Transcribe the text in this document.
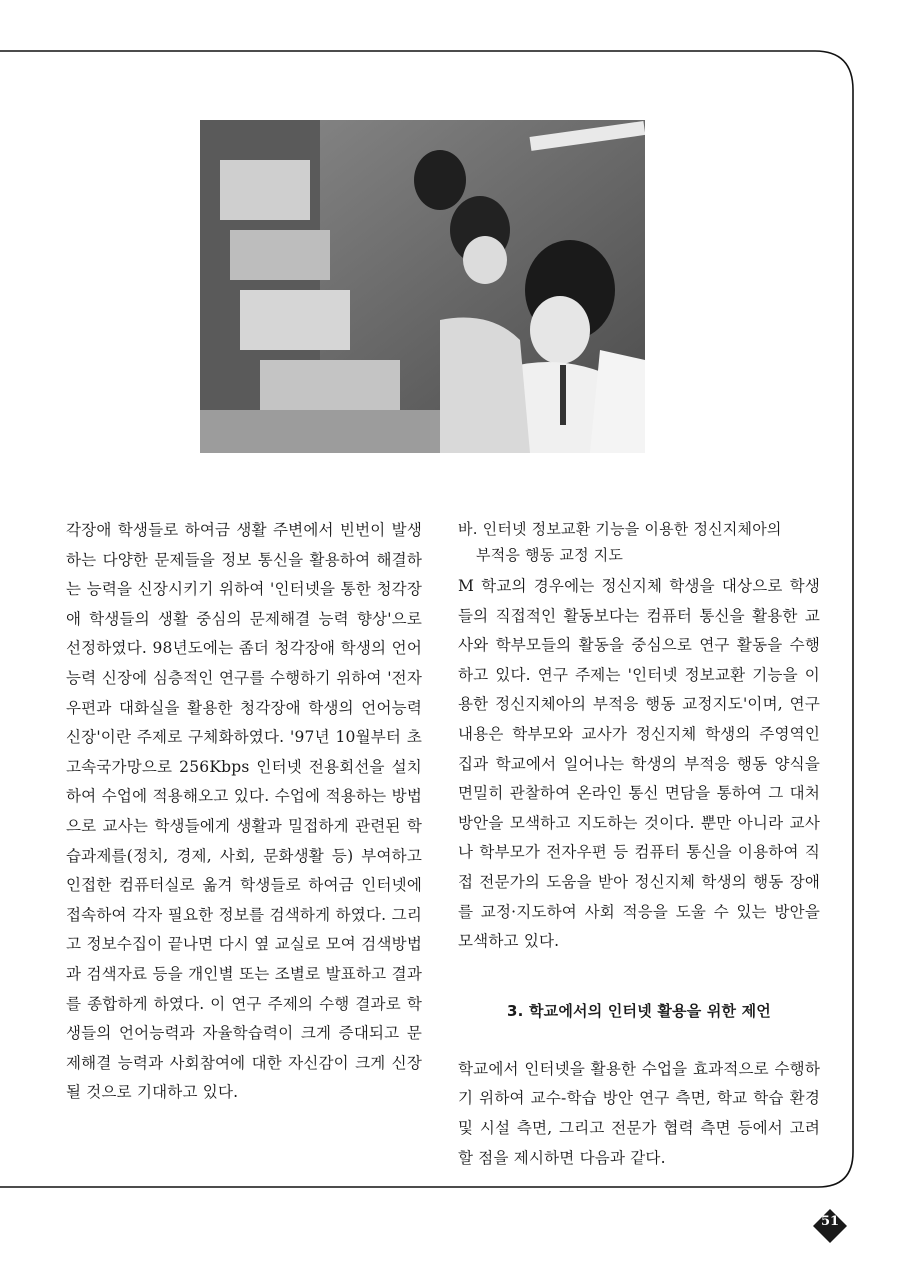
각장애 학생들로 하여금 생활 주변에서 빈번이 발생하는 다양한 문제들을 정보 통신을 활용하여 해결하는 능력을 신장시키기 위하여 '인터넷을 통한 청각장애 학생들의 생활 중심의 문제해결 능력 향상'으로 선정하였다. 98년도에는 좀더 청각장애 학생의 언어능력 신장에 심층적인 연구를 수행하기 위하여 '전자우편과 대화실을 활용한 청각장애 학생의 언어능력 신장'이란 주제로 구체화하였다. '97년 10월부터 초고속국가망으로 256Kbps 인터넷 전용회선을 설치하여 수업에 적용해오고 있다. 수업에 적용하는 방법으로 교사는 학생들에게 생활과 밀접하게 관련된 학습과제를(정치, 경제, 사회, 문화생활 등) 부여하고 인접한 컴퓨터실로 옮겨 학생들로 하여금 인터넷에 접속하여 각자 필요한 정보를 검색하게 하였다. 그리고 정보수집이 끝나면 다시 옆 교실로 모여 검색방법과 검색자료 등을 개인별 또는 조별로 발표하고 결과를 종합하게 하였다. 이 연구 주제의 수행 결과로 학생들의 언어능력과 자율학습력이 크게 증대되고 문제해결 능력과 사회참여에 대한 자신감이 크게 신장될 것으로 기대하고 있다.

바. 인터넷 정보교환 기능을 이용한 정신지체아의
부적응 행동 교정 지도

M 학교의 경우에는 정신지체 학생을 대상으로 학생들의 직접적인 활동보다는 컴퓨터 통신을 활용한 교사와 학부모들의 활동을 중심으로 연구 활동을 수행하고 있다. 연구 주제는 '인터넷 정보교환 기능을 이용한 정신지체아의 부적응 행동 교정지도'이며, 연구 내용은 학부모와 교사가 정신지체 학생의 주영역인 집과 학교에서 일어나는 학생의 부적응 행동 양식을 면밀히 관찰하여 온라인 통신 면담을 통하여 그 대처방안을 모색하고 지도하는 것이다. 뿐만 아니라 교사나 학부모가 전자우편 등 컴퓨터 통신을 이용하여 직접 전문가의 도움을 받아 정신지체 학생의 행동 장애를 교정·지도하여 사회 적응을 도울 수 있는 방안을 모색하고 있다.

3. 학교에서의 인터넷 활용을 위한 제언

학교에서 인터넷을 활용한 수업을 효과적으로 수행하기 위하여 교수-학습 방안 연구 측면, 학교 학습 환경 및 시설 측면, 그리고 전문가 협력 측면 등에서 고려할 점을 제시하면 다음과 같다.

51
